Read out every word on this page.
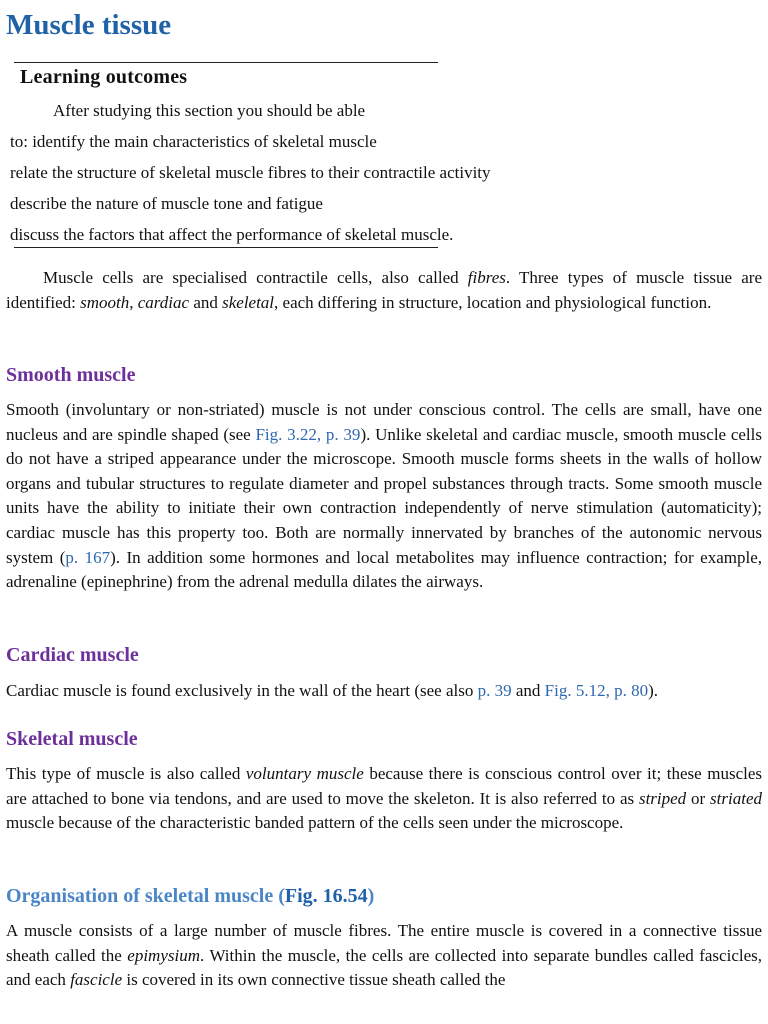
Muscle tissue
Learning outcomes
After studying this section you should be able
to: identify the main characteristics of skeletal muscle
relate the structure of skeletal muscle fibres to their contractile activity
describe the nature of muscle tone and fatigue
discuss the factors that affect the performance of skeletal muscle.

Muscle cells are specialised contractile cells, also called fibres. Three types of muscle tissue are identified: smooth, cardiac and skeletal, each differing in structure, location and physiological function.

Smooth muscle

Smooth (involuntary or non-striated) muscle is not under conscious control. The cells are small, have one nucleus and are spindle shaped (see Fig. 3.22, p. 39). Unlike skeletal and cardiac muscle, smooth muscle cells do not have a striped appearance under the microscope. Smooth muscle forms sheets in the walls of hollow organs and tubular structures to regulate diameter and propel substances through tracts. Some smooth muscle units have the ability to initiate their own contraction independently of nerve stimulation (automaticity); cardiac muscle has this property too. Both are normally innervated by branches of the autonomic nervous system (p. 167). In addition some hormones and local metabolites may influence contraction; for example, adrenaline (epinephrine) from the adrenal medulla dilates the airways.

Cardiac muscle

Cardiac muscle is found exclusively in the wall of the heart (see also p. 39 and Fig. 5.12, p. 80).

Skeletal muscle

This type of muscle is also called voluntary muscle because there is conscious control over it; these muscles are attached to bone via tendons, and are used to move the skeleton. It is also referred to as striped or striated muscle because of the characteristic banded pattern of the cells seen under the microscope.

Organisation of skeletal muscle (Fig. 16.54)

A muscle consists of a large number of muscle fibres. The entire muscle is covered in a connective tissue sheath called the epimysium. Within the muscle, the cells are collected into separate bundles called fascicles, and each fascicle is covered in its own connective tissue sheath called the
